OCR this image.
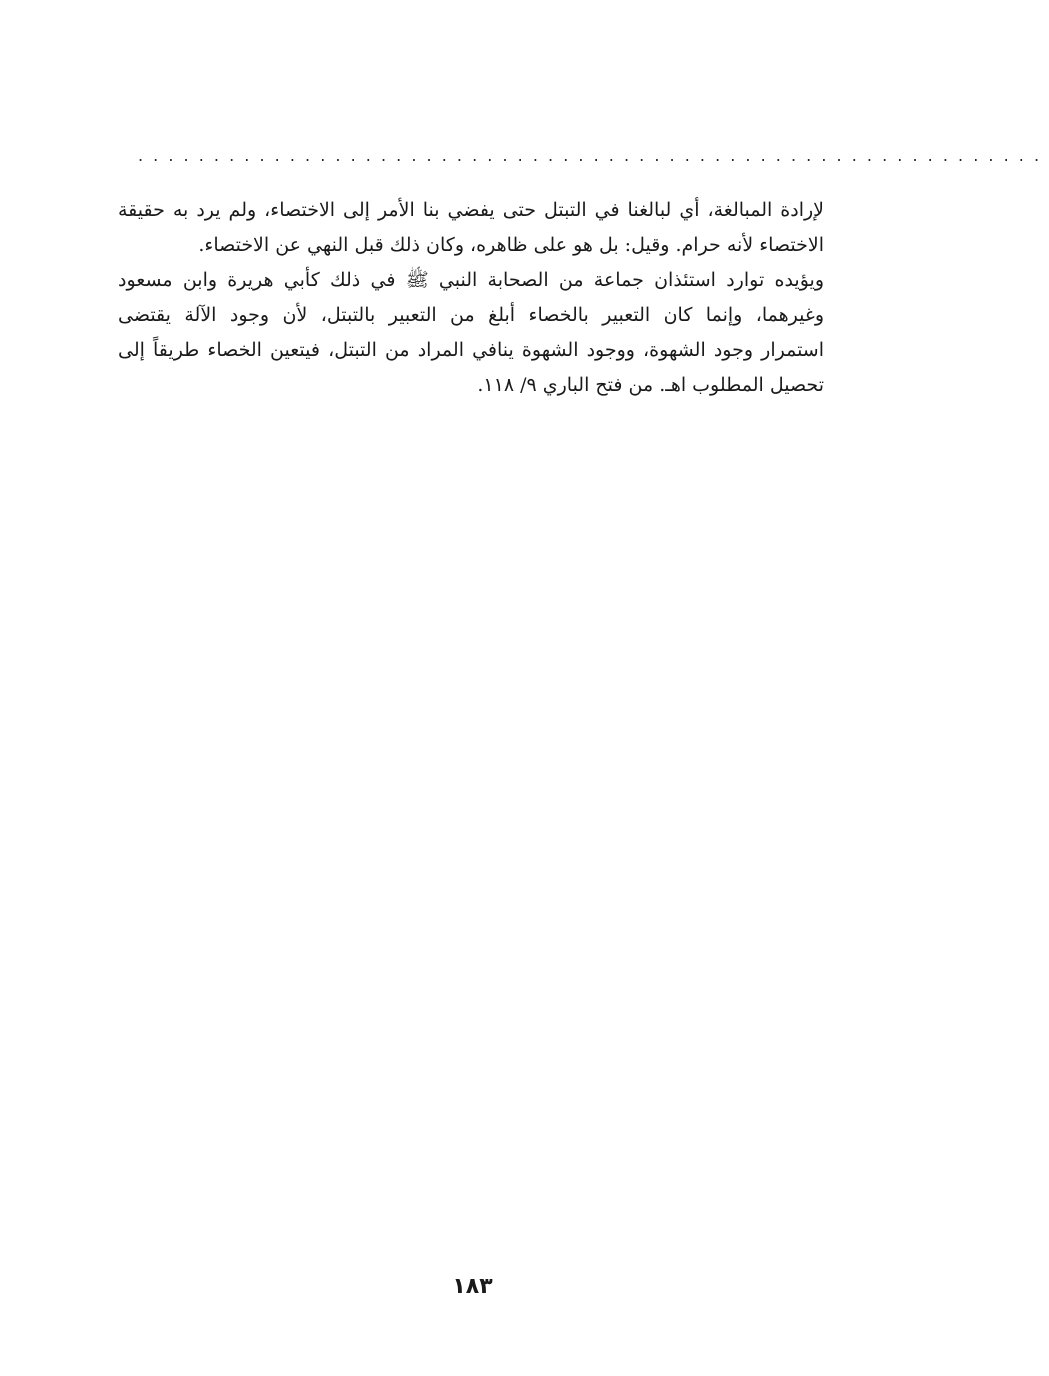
............................................................
لإرادة المبالغة، أي لبالغنا في التبتل حتى يفضي بنا الأمر إلى الاختصاء، ولم يرد به حقيقة
الاختصاء لأنه حرام. وقيل: بل هو على ظاهره، وكان ذلك قبل النهي عن الاختصاء.
ويؤيده توارد استئذان جماعة من الصحابة النبي ﷺ في ذلك كأبي هريرة وابن مسعود
وغيرهما، وإنما كان التعبير بالخصاء أبلغ من التعبير بالتبتل، لأن وجود الآلة يقتضى
استمرار وجود الشهوة، ووجود الشهوة ينافي المراد من التبتل، فيتعين الخصاء طريقاً إلى
تحصيل المطلوب اهـ. من فتح الباري ٩/ ١١٨.
١٨٣
